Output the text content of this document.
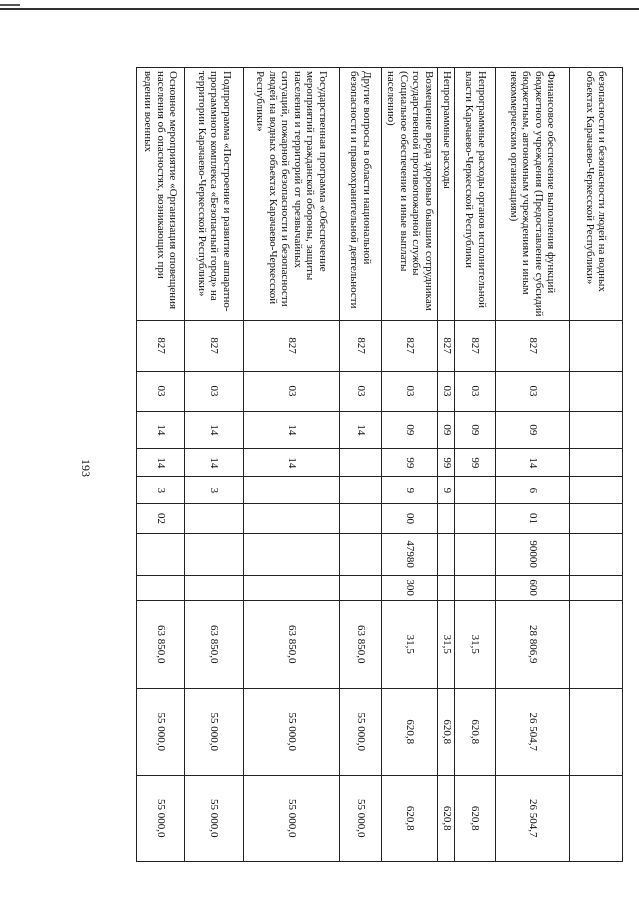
193
безопасности и безопасности людей на водных объектах Карачаево-Черкесской Республики»											
Финансовое обеспечение выполнения функций бюджетного учреждения (Предоставление субсидий бюджетным, автономным учреждениям и иным некоммерческим организациям)	827	03	09	14	6	01	90000	600	28 806,9	26 504,7	26 504,7
Непрограммные расходы органов исполнительной власти Карачаево-Черкесской Республики	827	03	09	99					31,5	620,8	620,8
Непрограммные расходы	827	03	09	99	9				31,5	620,8	620,8
Возмещение вреда здоровью бывшим сотрудникам государственной противопожарной службы (Социальное обеспечение и иные выплаты населению)	827	03	09	99	9	00	47980	300	31,5	620,8	620,8
Другие вопросы в области национальной безопасности и правоохранительной деятельности	827	03	14						63 850,0	55 000,0	55 000,0
Государственная программа «Обеспечение мероприятий гражданской обороны, защиты населения и территорий от чрезвычайных ситуаций, пожарной безопасности и безопасности людей на водных объектах Карачаево-Черкесской Республики»	827	03	14	14					63 850,0	55 000,0	55 000,0
Подпрограмма «Построение и развитие аппаратно-программного комплекса «Безопасный город» на территории Карачаево-Черкесской Республики»	827	03	14	14	3				63 850,0	55 000,0	55 000,0
Основное мероприятие «Организация оповещения населения об опасностях, возникающих при ведении военных	827	03	14	14	3	02			63 850,0	55 000,0	55 000,0
